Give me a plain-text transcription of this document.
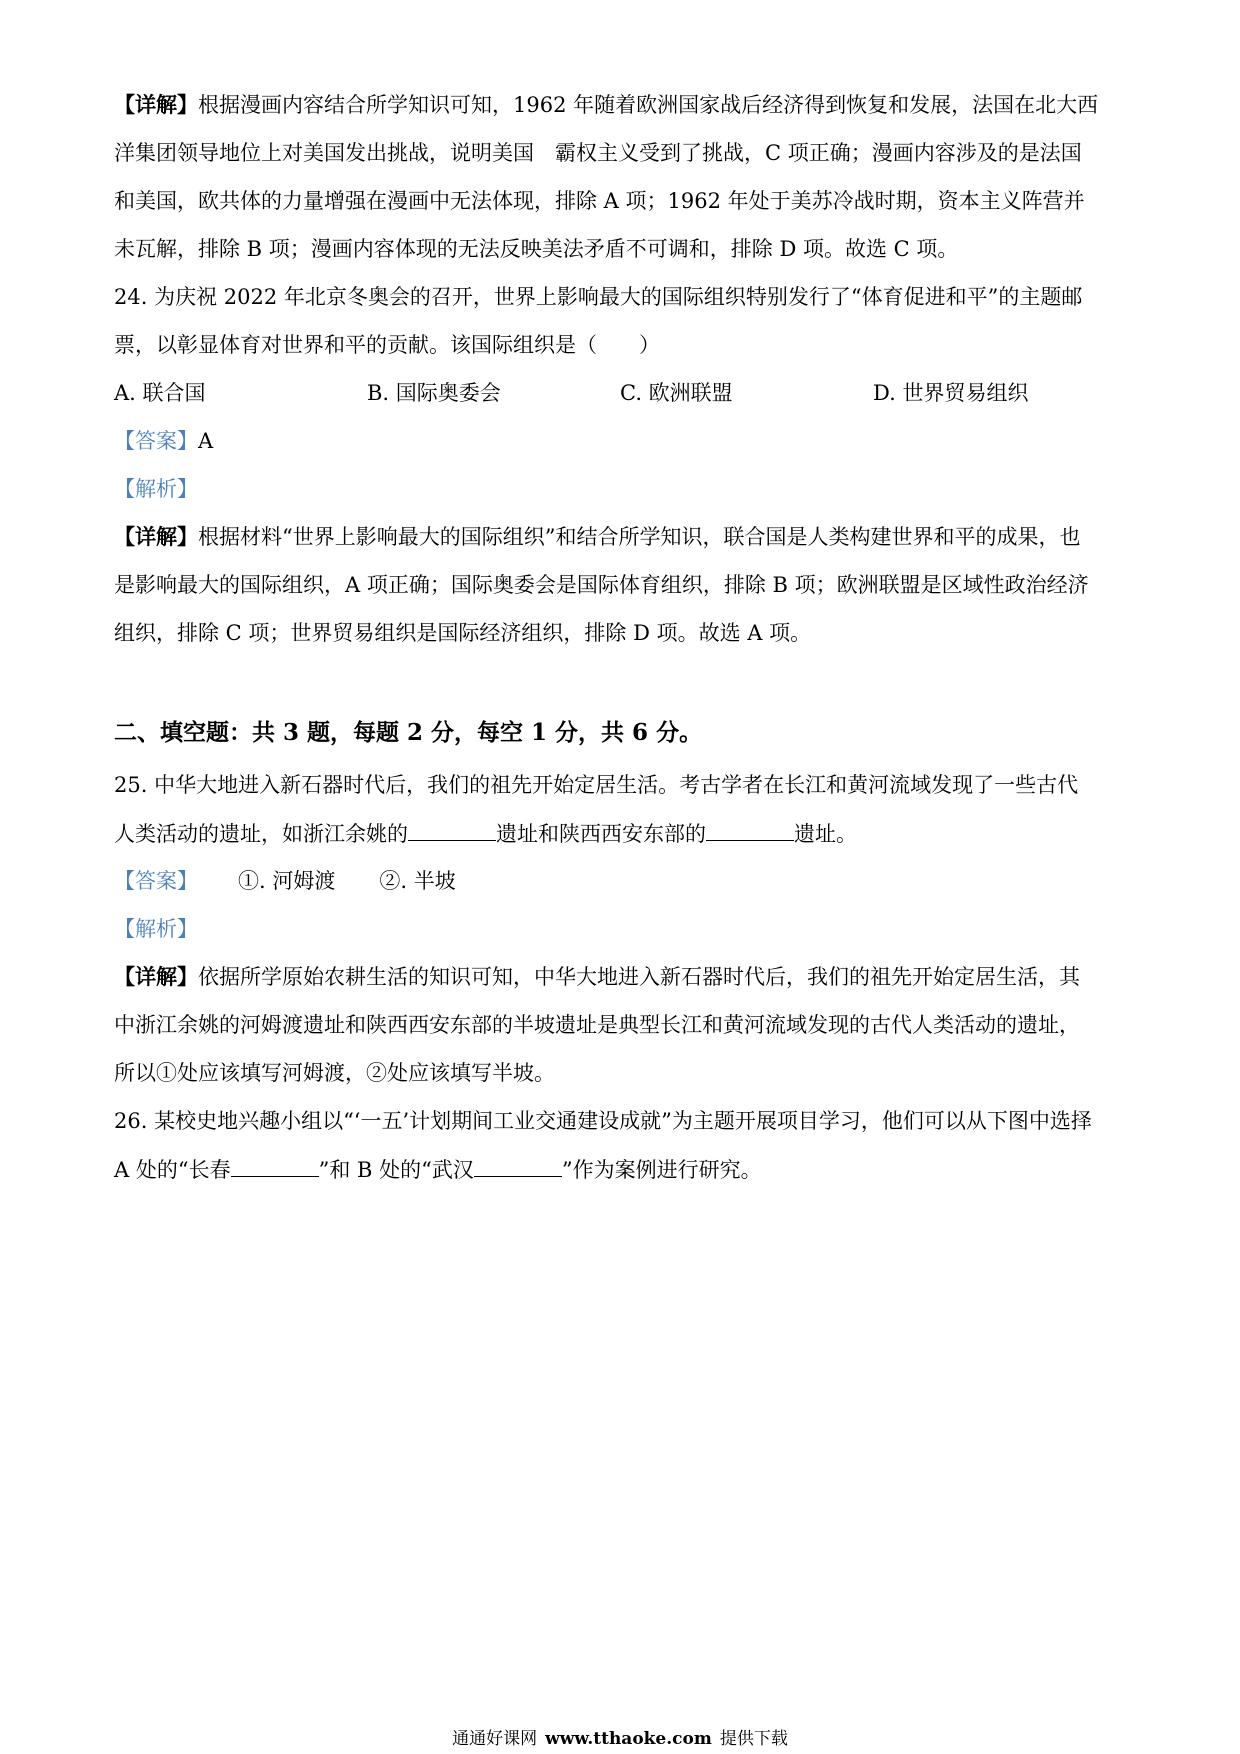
【详解】根据漫画内容结合所学知识可知，1962 年随着欧洲国家战后经济得到恢复和发展，法国在北大西
洋集团领导地位上对美国发出挑战，说明美国　霸权主义受到了挑战，C 项正确；漫画内容涉及的是法国
和美国，欧共体的力量增强在漫画中无法体现，排除 A 项；1962 年处于美苏冷战时期，资本主义阵营并
未瓦解，排除 B 项；漫画内容体现的无法反映美法矛盾不可调和，排除 D 项。故选 C 项。
24. 为庆祝 2022 年北京冬奥会的召开，世界上影响最大的国际组织特别发行了“体育促进和平”的主题邮
票，以彰显体育对世界和平的贡献。该国际组织是（　　）
A. 联合国	B. 国际奥委会	C. 欧洲联盟	D. 世界贸易组织
【答案】A
【解析】
【详解】根据材料“世界上影响最大的国际组织”和结合所学知识，联合国是人类构建世界和平的成果，也
是影响最大的国际组织，A 项正确；国际奥委会是国际体育组织，排除 B 项；欧洲联盟是区域性政治经济
组织，排除 C 项；世界贸易组织是国际经济组织，排除 D 项。故选 A 项。
二、填空题：共 3 题，每题 2 分，每空 1 分，共 6 分。
25. 中华大地进入新石器时代后，我们的祖先开始定居生活。考古学者在长江和黄河流域发现了一些古代
人类活动的遗址，如浙江余姚的	遗址和陕西西安东部的	遗址。
【答案】 ①. 河姆渡 ②. 半坡
【解析】
【详解】依据所学原始农耕生活的知识可知，中华大地进入新石器时代后，我们的祖先开始定居生活，其
中浙江余姚的河姆渡遗址和陕西西安东部的半坡遗址是典型长江和黄河流域发现的古代人类活动的遗址，
所以①处应该填写河姆渡，②处应该填写半坡。
26. 某校史地兴趣小组以“‘一五’计划期间工业交通建设成就”为主题开展项目学习，他们可以从下图中选择
A 处的“长春	”和 B 处的“武汉	”作为案例进行研究。
通通好课网 www.tthaoke.com 提供下载
